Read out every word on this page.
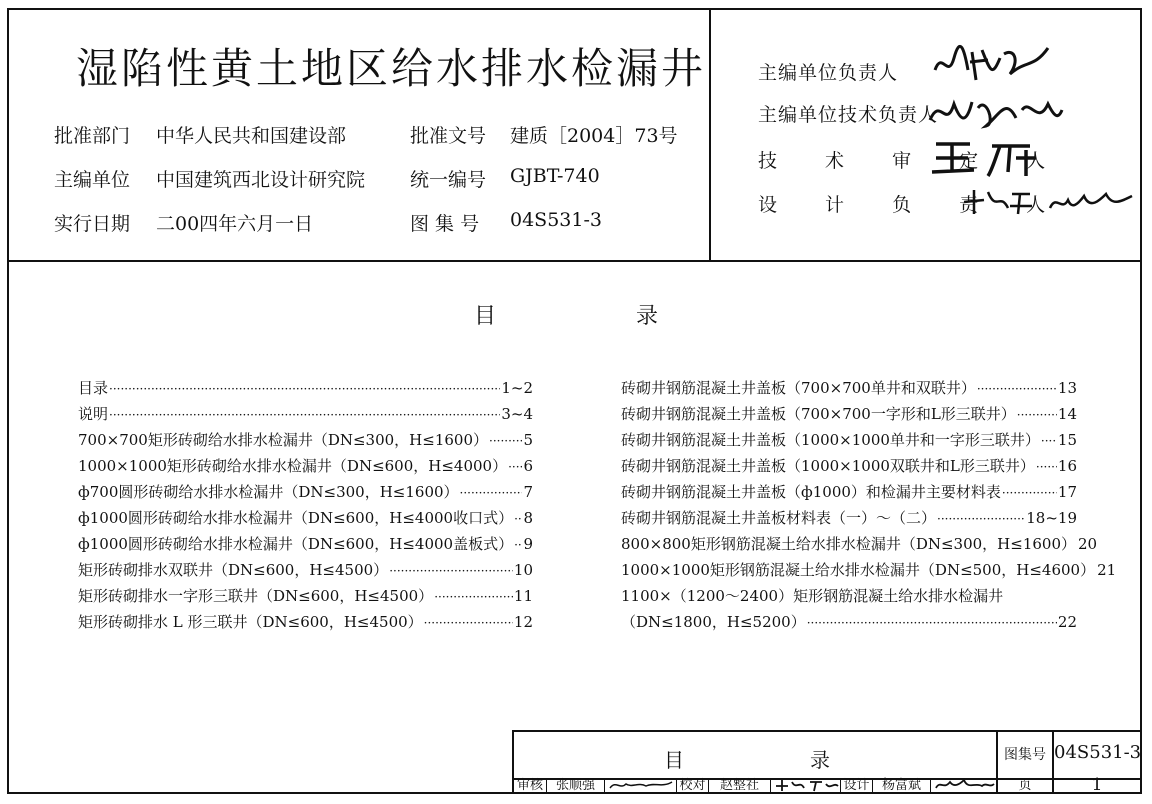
湿陷性黄土地区给水排水检漏井
批准部门 中华人民共和国建设部	批准文号 建质［2004］73号
主编单位 中国建筑西北设计研究院 统一编号 GJBT-740
实行日期 二00四年六月一日	图 集 号 04S531-3
主编单位负责人
主编单位技术负责人
技 术 审 定 人
设 计 负 责 人
目	录
目录 ·····	1~2
说明 ·····	3~4
700×700矩形砖砌给水排水检漏井（DN≤300，H≤1600） ····· 5
1000×1000矩形砖砌给水排水检漏井（DN≤600，H≤4000） ····· 6
ф700圆形砖砌给水排水检漏井（DN≤300，H≤1600） ·····	7
ф1000圆形砖砌给水排水检漏井（DN≤600，H≤4000收口式） ····· 8
ф1000圆形砖砌给水排水检漏井（DN≤600，H≤4000盖板式） ····· 9
矩形砖砌排水双联井（DN≤600，H≤4500） ·····	10
矩形砖砌排水一字形三联井（DN≤600，H≤4500） ·····	11
矩形砖砌排水 L 形三联井（DN≤600，H≤4500） ·····	12
砖砌井钢筋混凝土井盖板（700×700单井和双联井） ·····	13
砖砌井钢筋混凝土井盖板（700×700一字形和L形三联井） ·····	14
砖砌井钢筋混凝土井盖板（1000×1000单井和一字形三联井） ····· 15
砖砌井钢筋混凝土井盖板（1000×1000双联井和L形三联井） ····· 16
砖砌井钢筋混凝土井盖板（ф1000）和检漏井主要材料表 ·····	17
砖砌井钢筋混凝土井盖板材料表（一）～（二） ·····	18~19
800×800矩形钢筋混凝土给水排水检漏井（DN≤300，H≤1600） 20
1000×1000矩形钢筋混凝土给水排水检漏井（DN≤500，H≤4600） 21
1100×（1200～2400）矩形钢筋混凝土给水排水检漏井
（DN≤1800，H≤5200） ·····	22
目	录	图集号 04S531-3
审核 张顺强	校对	赵整社	设计 杨富斌	页	1
